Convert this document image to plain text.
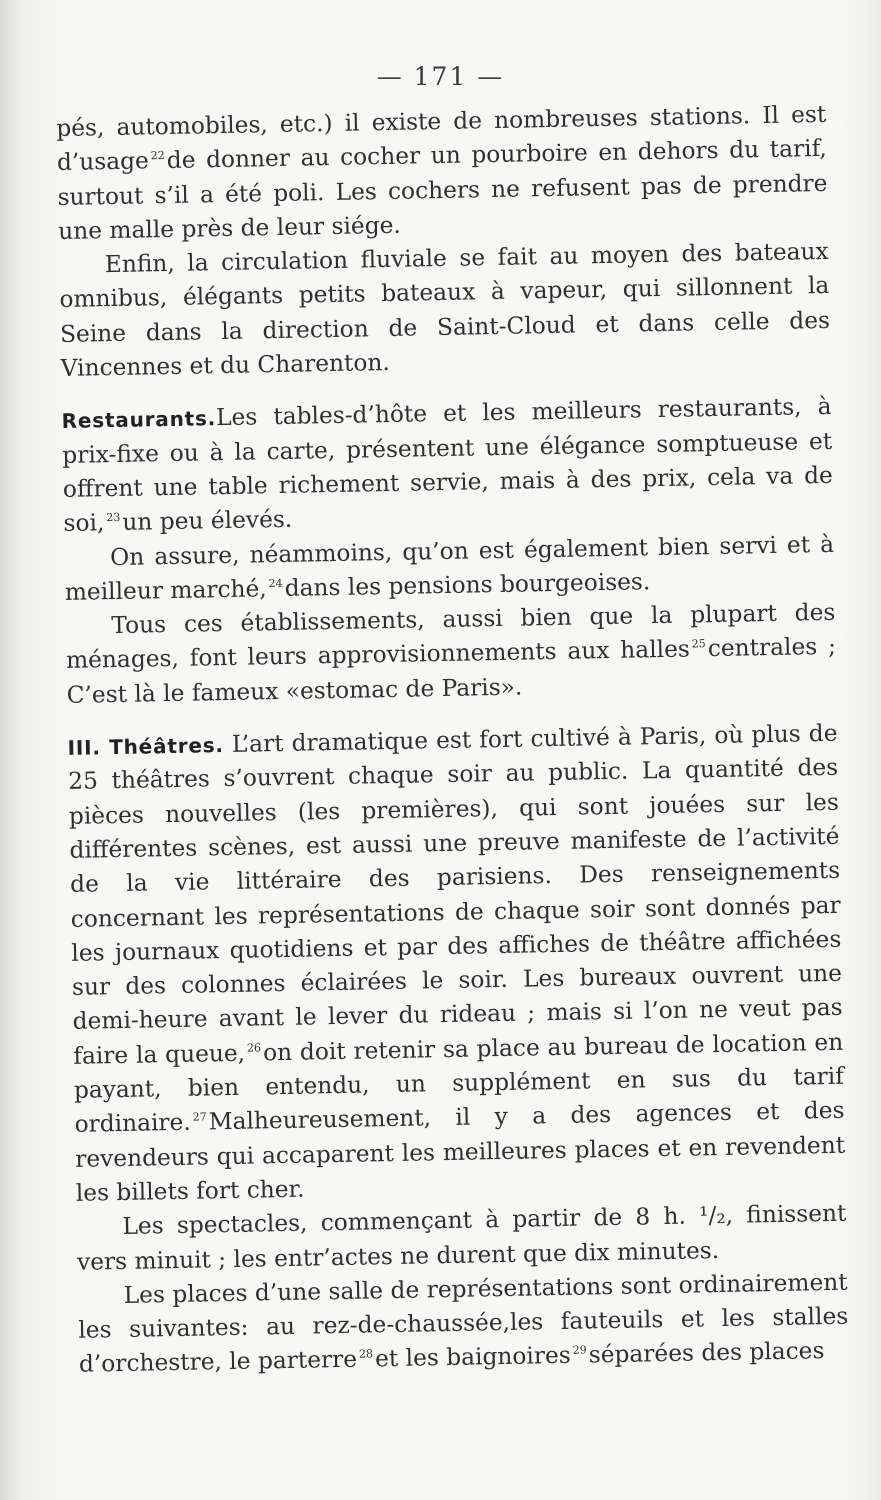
— 171 —

pés, automobiles, etc.) il existe de nombreuses stations. Il est d’usage $^{22}$de donner au cocher un pourboire en dehors du tarif, surtout s’il a été poli. Les cochers ne refusent pas de prendre une malle près de leur siége.

Enfin, la circulation fluviale se fait au moyen des bateaux omnibus, élégants petits bateaux à vapeur, qui sillonnent la Seine dans la direction de Saint-Cloud et dans celle des Vincennes et du Charenton.

Restaurants.Les tables-d’hôte et les meilleurs restaurants, à prix-fixe ou à la carte, présentent une élégance somptueuse et offrent une table richement servie, mais à des prix, cela va de soi, $^{23}$un peu élevés.

On assure, néammoins, qu’on est également bien servi et à meilleur marché, $^{24}$dans les pensions bourgeoises.

Tous ces établissements, aussi bien que la plupart des ménages, font leurs approvisionnements aux halles $^{25}$centrales ; C’est là le fameux «estomac de Paris».

III. Théâtres. L’art dramatique est fort cultivé à Paris, où plus de 25 théâtres s’ouvrent chaque soir au public. La quantité des pièces nouvelles (les premières), qui sont jouées sur les différentes scènes, est aussi une preuve manifeste de l’activité de la vie littéraire des parisiens. Des renseignements concernant les représentations de chaque soir sont donnés par les journaux quotidiens et par des affiches de théâtre affichées sur des colonnes éclairées le soir. Les bureaux ouvrent une demi-heure avant le lever du rideau ; mais si l’on ne veut pas faire la queue, $^{26}$on doit retenir sa place au bureau de location en payant, bien entendu, un supplément en sus du tarif ordinaire. $^{27}$Malheureusement, il y a des agences et des revendeurs qui accaparent les meilleures places et en revendent les billets fort cher.

Les spectacles, commençant à partir de 8 h. ¹/₂, finissent vers minuit ; les entr’actes ne durent que dix minutes.

Les places d’une salle de représentations sont ordinairement les suivantes: au rez-de-chaussée,les fauteuils et les stalles d’orchestre, le parterre $^{28}$et les baignoires $^{29}$séparées des places
